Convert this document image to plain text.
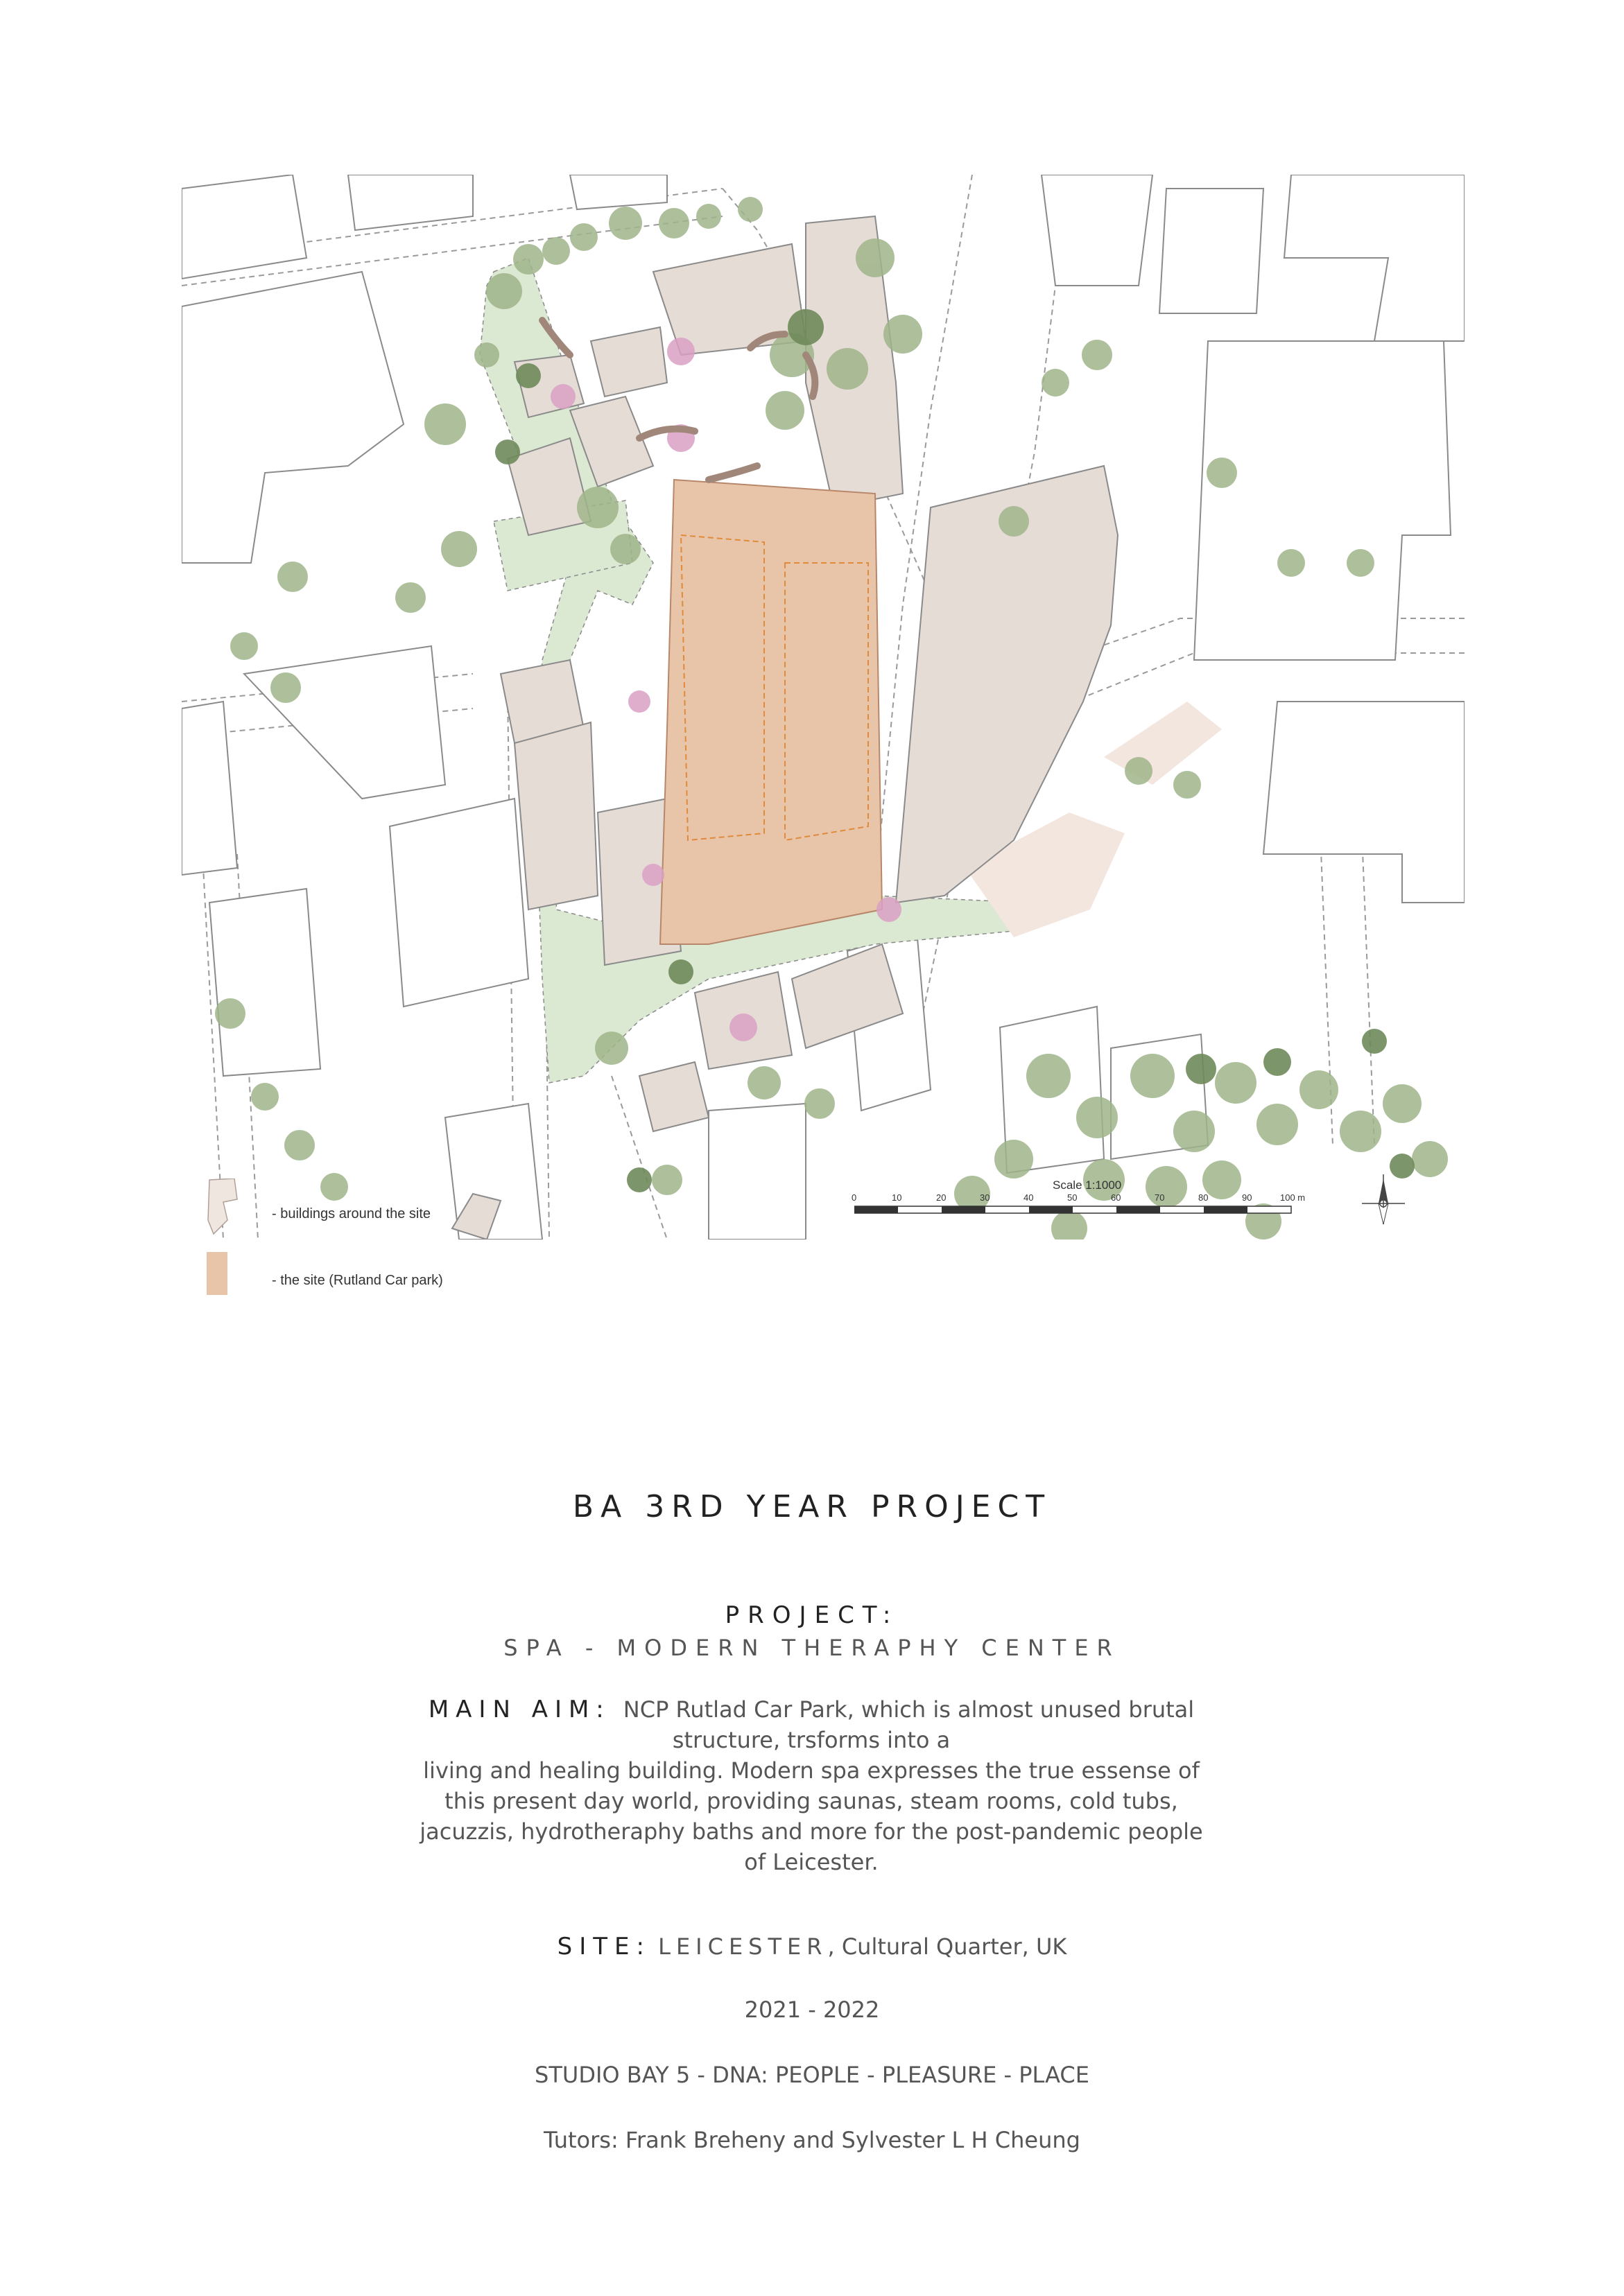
Scale 1:1000
0	10	20	30	40	50	60	70	80	90	100 m
- buildings around the site
- the site (Rutland Car park)
BA 3RD YEAR PROJECT
PROJECT:
SPA - MODERN THERAPHY CENTER
MAIN AIM: NCP Rutlad Car Park, which is almost unused brutal
structure, trsforms into a
living and healing building. Modern spa expresses the true essense of
this present day world, providing saunas, steam rooms, cold tubs,
jacuzzis, hydrotheraphy baths and more for the post-pandemic people
of Leicester.
SITE: LEICESTER, Cultural Quarter, UK
2021 - 2022
STUDIO BAY 5 - DNA: PEOPLE - PLEASURE - PLACE
Tutors: Frank Breheny and Sylvester L H Cheung
